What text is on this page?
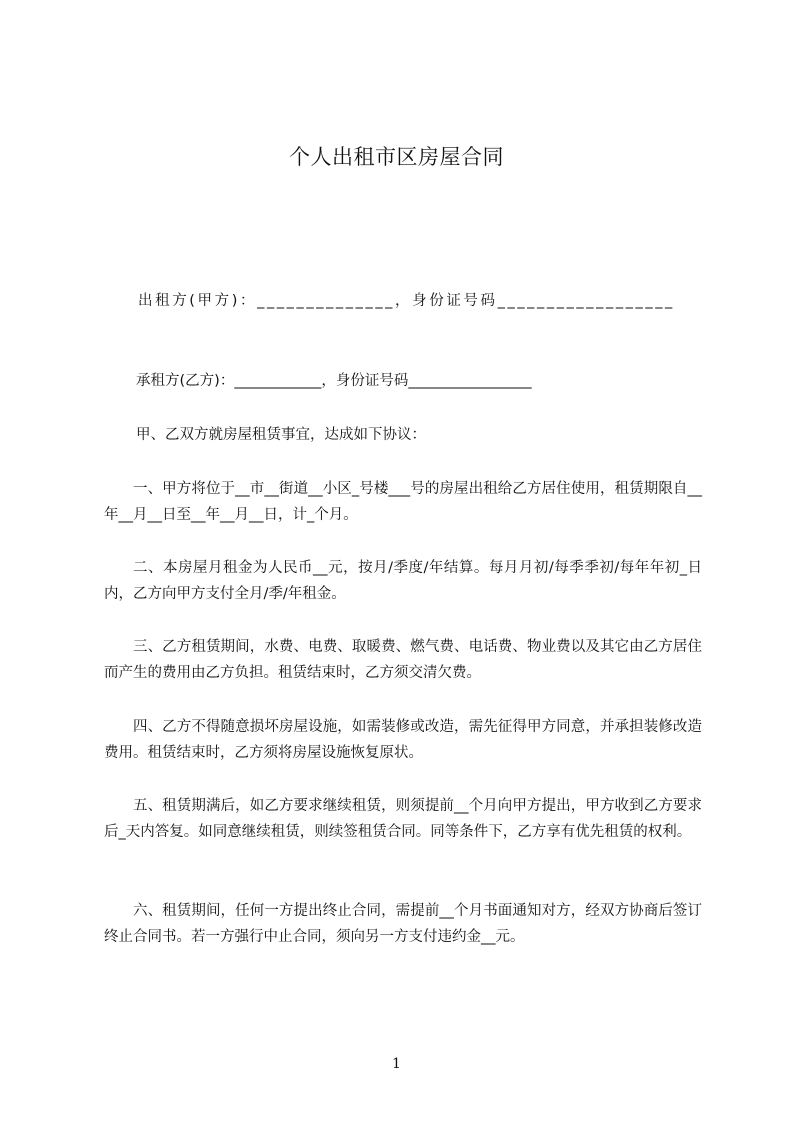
个人出租市区房屋合同
出租方(甲方)：______________，身份证号码__________________
承租方(乙方)：____________，身份证号码_________________
甲、乙双方就房屋租赁事宜，达成如下协议：
一、甲方将位于__市__街道__小区_号楼___号的房屋出租给乙方居住使用，租赁期限自__年__月__日至__年__月__日，计_个月。
二、本房屋月租金为人民币__元，按月/季度/年结算。每月月初/每季季初/每年年初_日内，乙方向甲方支付全月/季/年租金。
三、乙方租赁期间，水费、电费、取暖费、燃气费、电话费、物业费以及其它由乙方居住而产生的费用由乙方负担。租赁结束时，乙方须交清欠费。
四、乙方不得随意损坏房屋设施，如需装修或改造，需先征得甲方同意，并承担装修改造费用。租赁结束时，乙方须将房屋设施恢复原状。
五、租赁期满后，如乙方要求继续租赁，则须提前__个月向甲方提出，甲方收到乙方要求后_天内答复。如同意继续租赁，则续签租赁合同。同等条件下，乙方享有优先租赁的权利。
六、租赁期间，任何一方提出终止合同，需提前__个月书面通知对方，经双方协商后签订终止合同书。若一方强行中止合同，须向另一方支付违约金__元。
1
